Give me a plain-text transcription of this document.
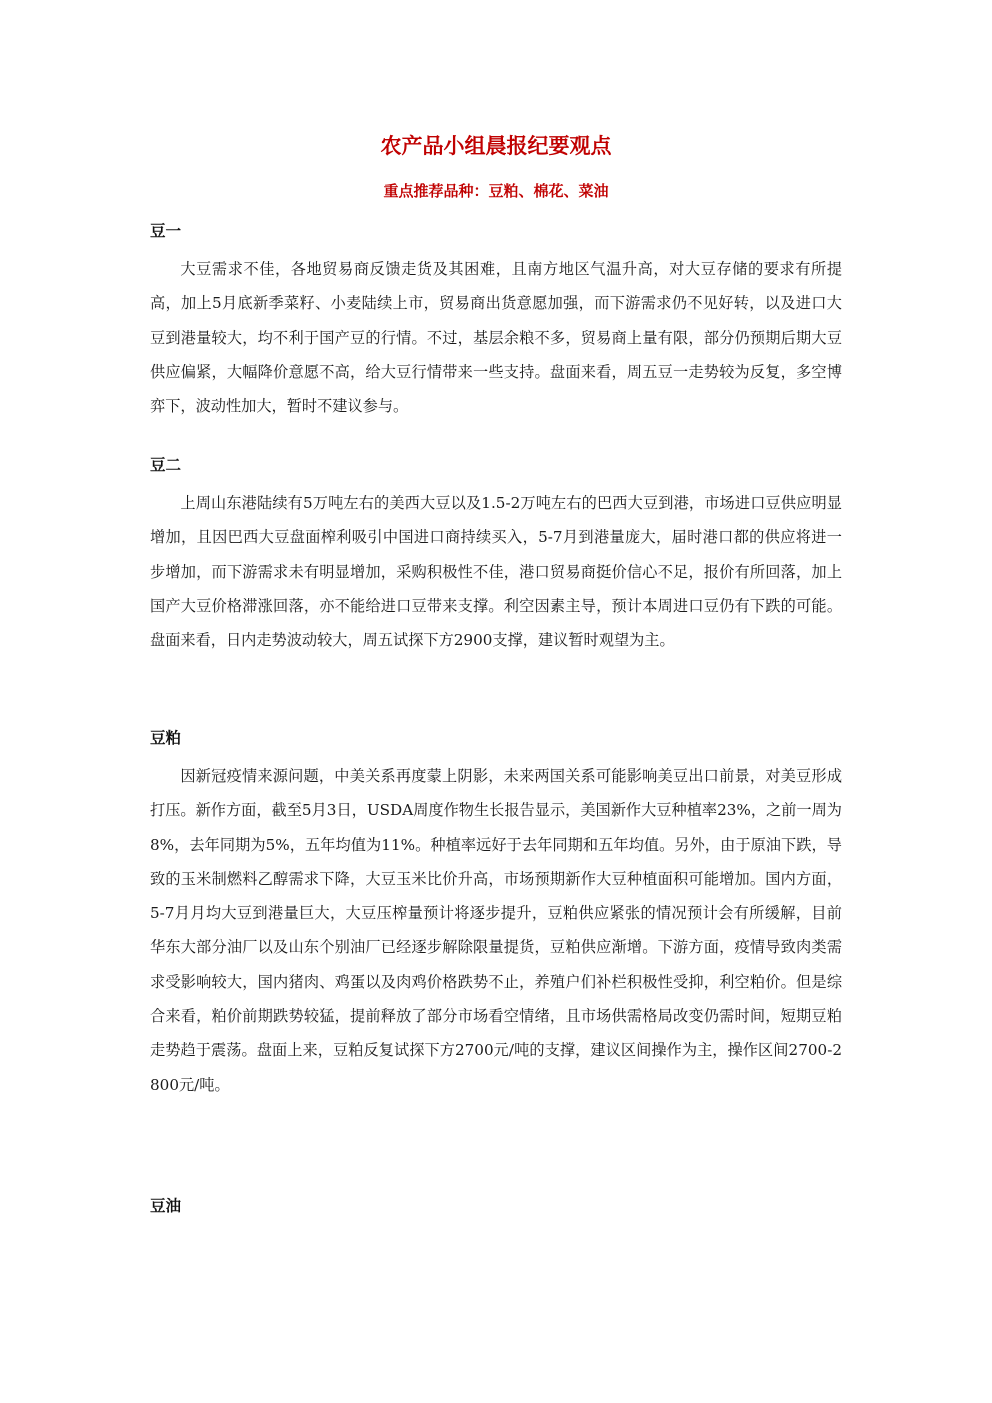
农产品小组晨报纪要观点
重点推荐品种：豆粕、棉花、菜油
豆一

大豆需求不佳，各地贸易商反馈走货及其困难，且南方地区气温升高，对大豆存储的要求有所提高，加上5月底新季菜籽、小麦陆续上市，贸易商出货意愿加强，而下游需求仍不见好转，以及进口大豆到港量较大，均不利于国产豆的行情。不过，基层余粮不多，贸易商上量有限，部分仍预期后期大豆供应偏紧，大幅降价意愿不高，给大豆行情带来一些支持。盘面来看，周五豆一走势较为反复，多空博弈下，波动性加大，暂时不建议参与。

豆二

上周山东港陆续有5万吨左右的美西大豆以及1.5-2万吨左右的巴西大豆到港，市场进口豆供应明显增加，且因巴西大豆盘面榨利吸引中国进口商持续买入，5-7月到港量庞大，届时港口都的供应将进一步增加，而下游需求未有明显增加，采购积极性不佳，港口贸易商挺价信心不足，报价有所回落，加上国产大豆价格滞涨回落，亦不能给进口豆带来支撑。利空因素主导，预计本周进口豆仍有下跌的可能。盘面来看，日内走势波动较大，周五试探下方2900支撑，建议暂时观望为主。

豆粕

因新冠疫情来源问题，中美关系再度蒙上阴影，未来两国关系可能影响美豆出口前景，对美豆形成打压。新作方面，截至5月3日，USDA周度作物生长报告显示，美国新作大豆种植率23%，之前一周为8%，去年同期为5%，五年均值为11%。种植率远好于去年同期和五年均值。另外，由于原油下跌，导致的玉米制燃料乙醇需求下降，大豆玉米比价升高，市场预期新作大豆种植面积可能增加。国内方面，5-7月月均大豆到港量巨大，大豆压榨量预计将逐步提升，豆粕供应紧张的情况预计会有所缓解，目前华东大部分油厂以及山东个别油厂已经逐步解除限量提货，豆粕供应渐增。下游方面，疫情导致肉类需求受影响较大，国内猪肉、鸡蛋以及肉鸡价格跌势不止，养殖户们补栏积极性受抑，利空粕价。但是综合来看，粕价前期跌势较猛，提前释放了部分市场看空情绪，且市场供需格局改变仍需时间，短期豆粕走势趋于震荡。盘面上来，豆粕反复试探下方2700元/吨的支撑，建议区间操作为主，操作区间2700-2800元/吨。

豆油
